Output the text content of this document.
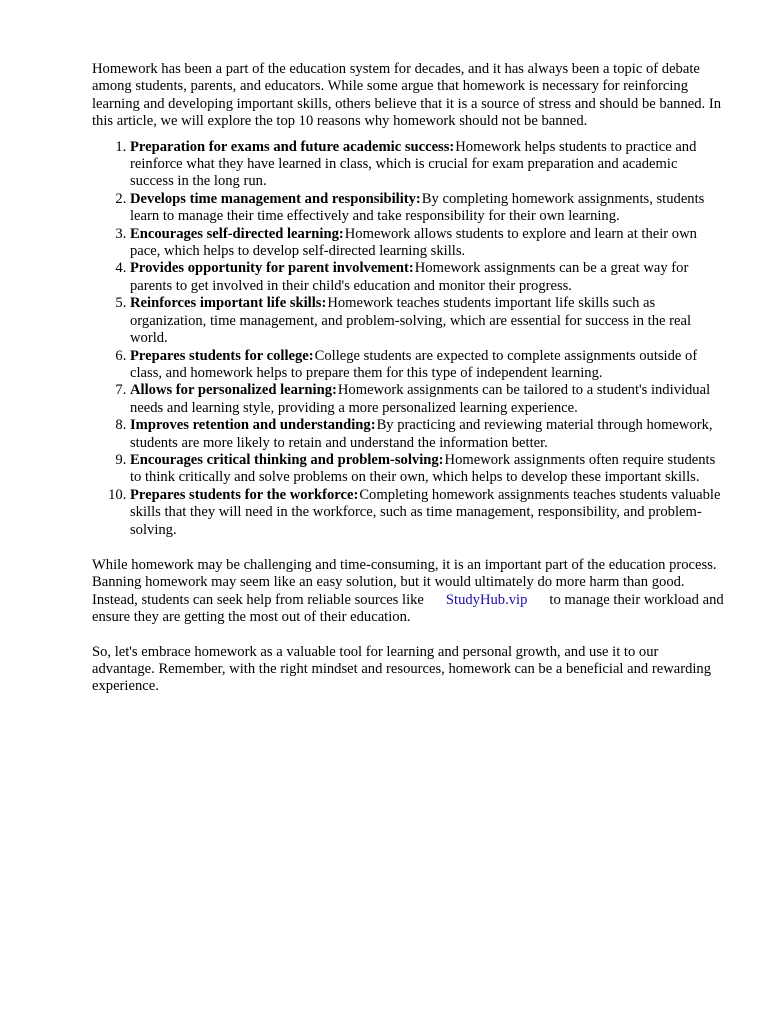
Homework has been a part of the education system for decades, and it has always been a topic of debate among students, parents, and educators. While some argue that homework is necessary for reinforcing learning and developing important skills, others believe that it is a source of stress and should be banned. In this article, we will explore the top 10 reasons why homework should not be banned.

1. Preparation for exams and future academic success:Homework helps students to practice and reinforce what they have learned in class, which is crucial for exam preparation and academic success in the long run.
2. Develops time management and responsibility:By completing homework assignments, students learn to manage their time effectively and take responsibility for their own learning.
3. Encourages self-directed learning:Homework allows students to explore and learn at their own pace, which helps to develop self-directed learning skills.
4. Provides opportunity for parent involvement:Homework assignments can be a great way for parents to get involved in their child's education and monitor their progress.
5. Reinforces important life skills:Homework teaches students important life skills such as organization, time management, and problem-solving, which are essential for success in the real world.
6. Prepares students for college:College students are expected to complete assignments outside of class, and homework helps to prepare them for this type of independent learning.
7. Allows for personalized learning:Homework assignments can be tailored to a student's individual needs and learning style, providing a more personalized learning experience.
8. Improves retention and understanding:By practicing and reviewing material through homework, students are more likely to retain and understand the information better.
9. Encourages critical thinking and problem-solving:Homework assignments often require students to think critically and solve problems on their own, which helps to develop these important skills.
10. Prepares students for the workforce:Completing homework assignments teaches students valuable skills that they will need in the workforce, such as time management, responsibility, and problem-solving.

While homework may be challenging and time-consuming, it is an important part of the education process. Banning homework may seem like an easy solution, but it would ultimately do more harm than good. Instead, students can seek help from reliable sources like StudyHub.vip to manage their workload and ensure they are getting the most out of their education.

So, let's embrace homework as a valuable tool for learning and personal growth, and use it to our advantage. Remember, with the right mindset and resources, homework can be a beneficial and rewarding experience.
